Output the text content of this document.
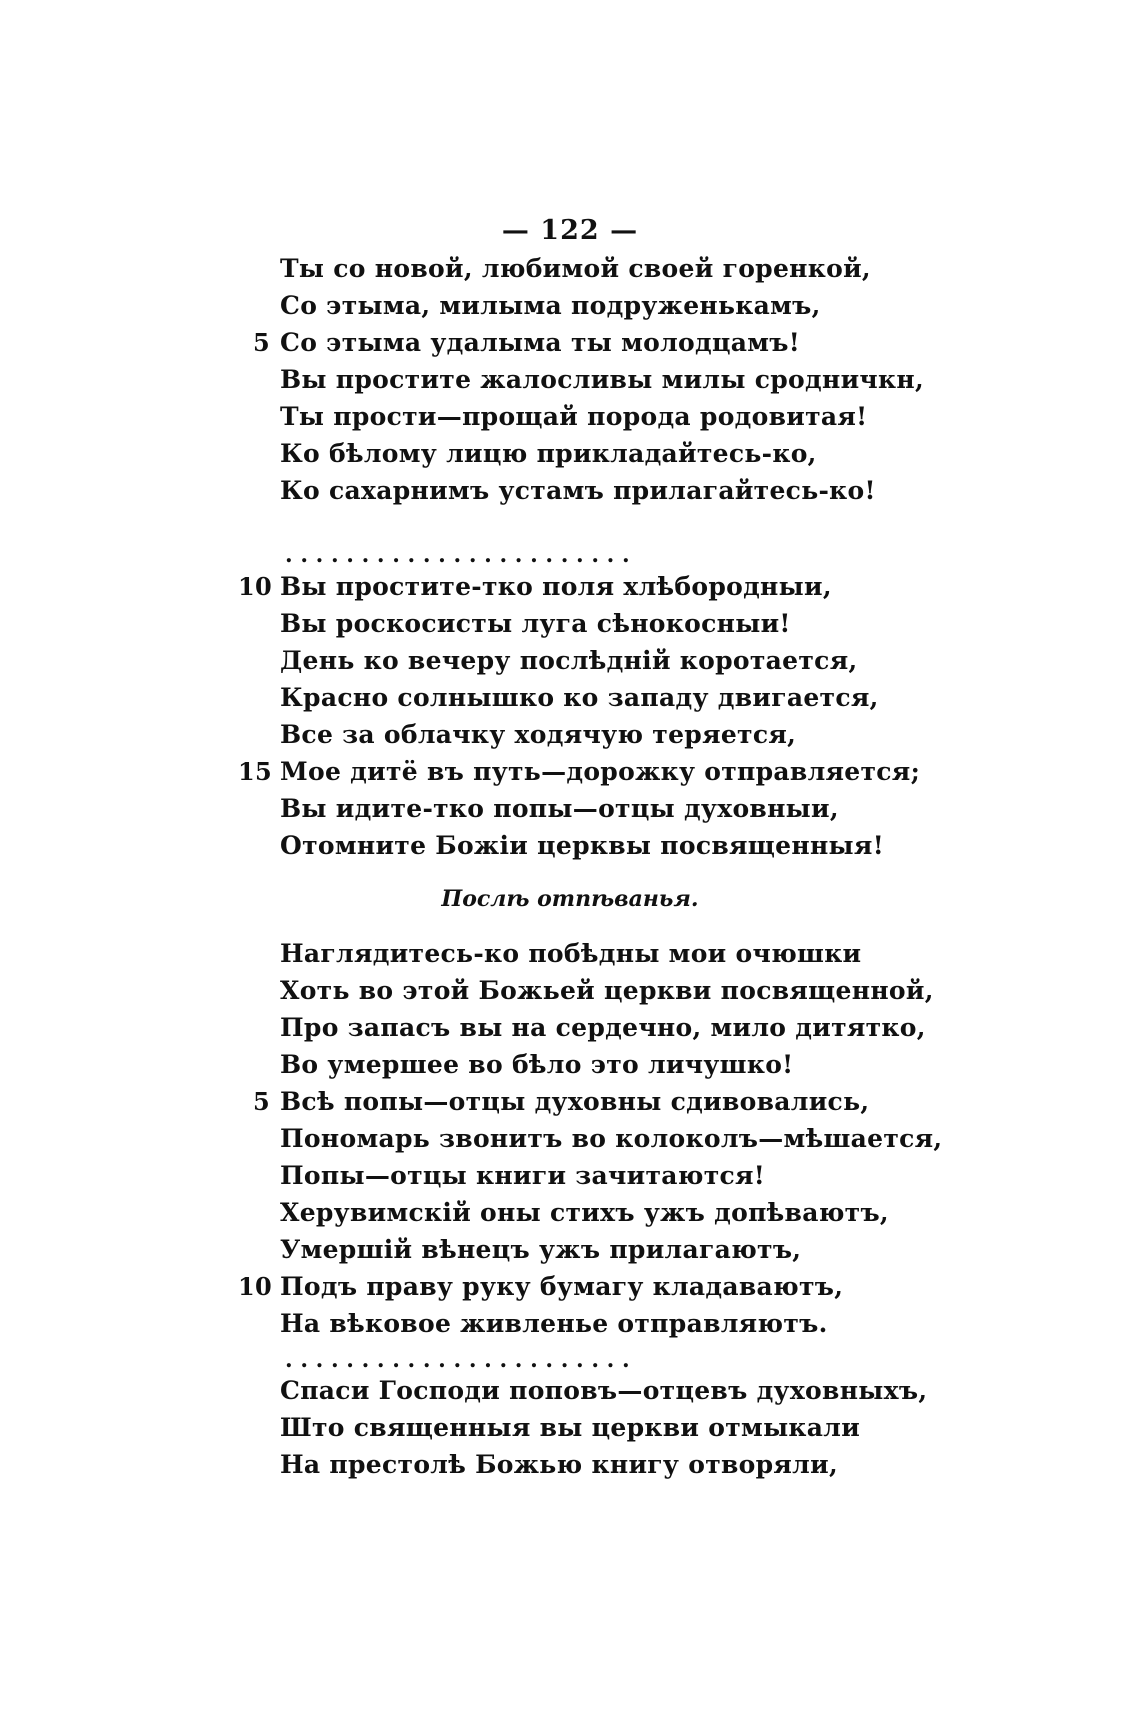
— 122 —
Ты со новой, любимой своей горенкой,
Со этыма, милыма подруженькамъ,
5 Со этыма удалыма ты молодцамъ!
Вы простите жалосливы милы сродничкн,
Ты прости—прощай порода родовитая!
Ко бѣлому лицю прикладайтесь-ко,
Ко сахарнимъ устамъ прилагайтесь-ко!
. . . . . . . . . . . . . . . . . . . . . . .
10 Вы простите-тко поля хлѣбородныи,
Вы роскосисты луга сѣнокосныи!
День ко вечеру послѣдній коротается,
Красно солнышко ко западу двигается,
Все за облачку ходячую теряется,
15 Мое дитё въ путь—дорожку отправляется;
Вы идите-тко попы—отцы духовныи,
Отомните Божіи церквы посвященныя!
Послѣ отпѣванья.
Наглядитесь-ко побѣдны мои очюшки
Хоть во этой Божьей церкви посвященной,
Про запасъ вы на сердечно, мило дитятко,
Во умершее во бѣло это личушко!
5 Всѣ попы—отцы духовны сдивовались,
Пономарь звонитъ во колоколъ—мѣшается,
Попы—отцы книги зачитаются!
Херувимскій оны стихъ ужъ допѣваютъ,
Умершій вѣнецъ ужъ прилагаютъ,
10 Подъ праву руку бумагу кладаваютъ,
На вѣковое живленье отправляютъ.
. . . . . . . . . . . . . . . . . . . . . . .
Спаси Господи поповъ—отцевъ духовныхъ,
Што священныя вы церкви отмыкали
На престолѣ Божью книгу отворяли,
